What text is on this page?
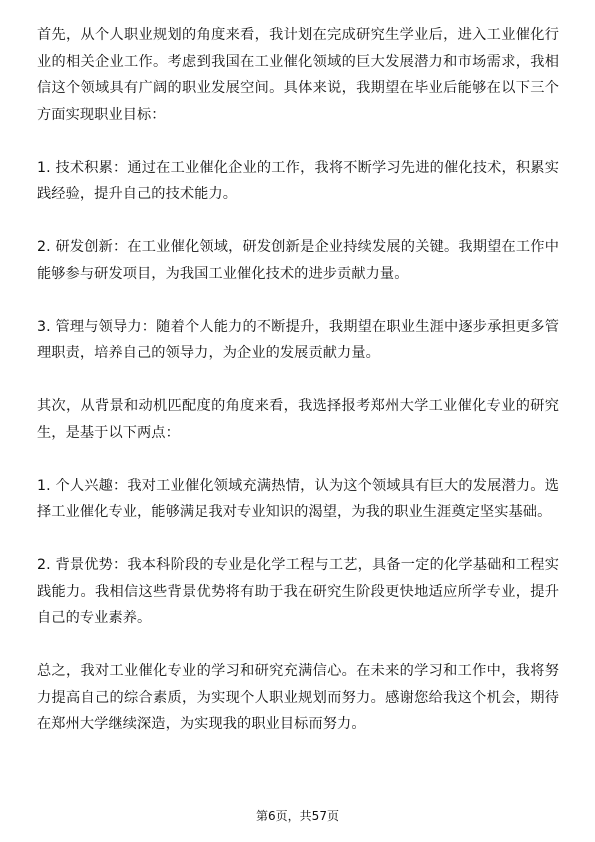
首先，从个人职业规划的角度来看，我计划在完成研究生学业后，进入工业催化行业的相关企业工作。考虑到我国在工业催化领域的巨大发展潜力和市场需求，我相信这个领域具有广阔的职业发展空间。具体来说，我期望在毕业后能够在以下三个方面实现职业目标：

1. 技术积累：通过在工业催化企业的工作，我将不断学习先进的催化技术，积累实践经验，提升自己的技术能力。

2. 研发创新：在工业催化领域，研发创新是企业持续发展的关键。我期望在工作中能够参与研发项目，为我国工业催化技术的进步贡献力量。

3. 管理与领导力：随着个人能力的不断提升，我期望在职业生涯中逐步承担更多管理职责，培养自己的领导力，为企业的发展贡献力量。

其次，从背景和动机匹配度的角度来看，我选择报考郑州大学工业催化专业的研究生，是基于以下两点：

1. 个人兴趣：我对工业催化领域充满热情，认为这个领域具有巨大的发展潜力。选择工业催化专业，能够满足我对专业知识的渴望，为我的职业生涯奠定坚实基础。

2. 背景优势：我本科阶段的专业是化学工程与工艺，具备一定的化学基础和工程实践能力。我相信这些背景优势将有助于我在研究生阶段更快地适应所学专业，提升自己的专业素养。

总之，我对工业催化专业的学习和研究充满信心。在未来的学习和工作中，我将努力提高自己的综合素质，为实现个人职业规划而努力。感谢您给我这个机会，期待在郑州大学继续深造，为实现我的职业目标而努力。

第6页，共57页
